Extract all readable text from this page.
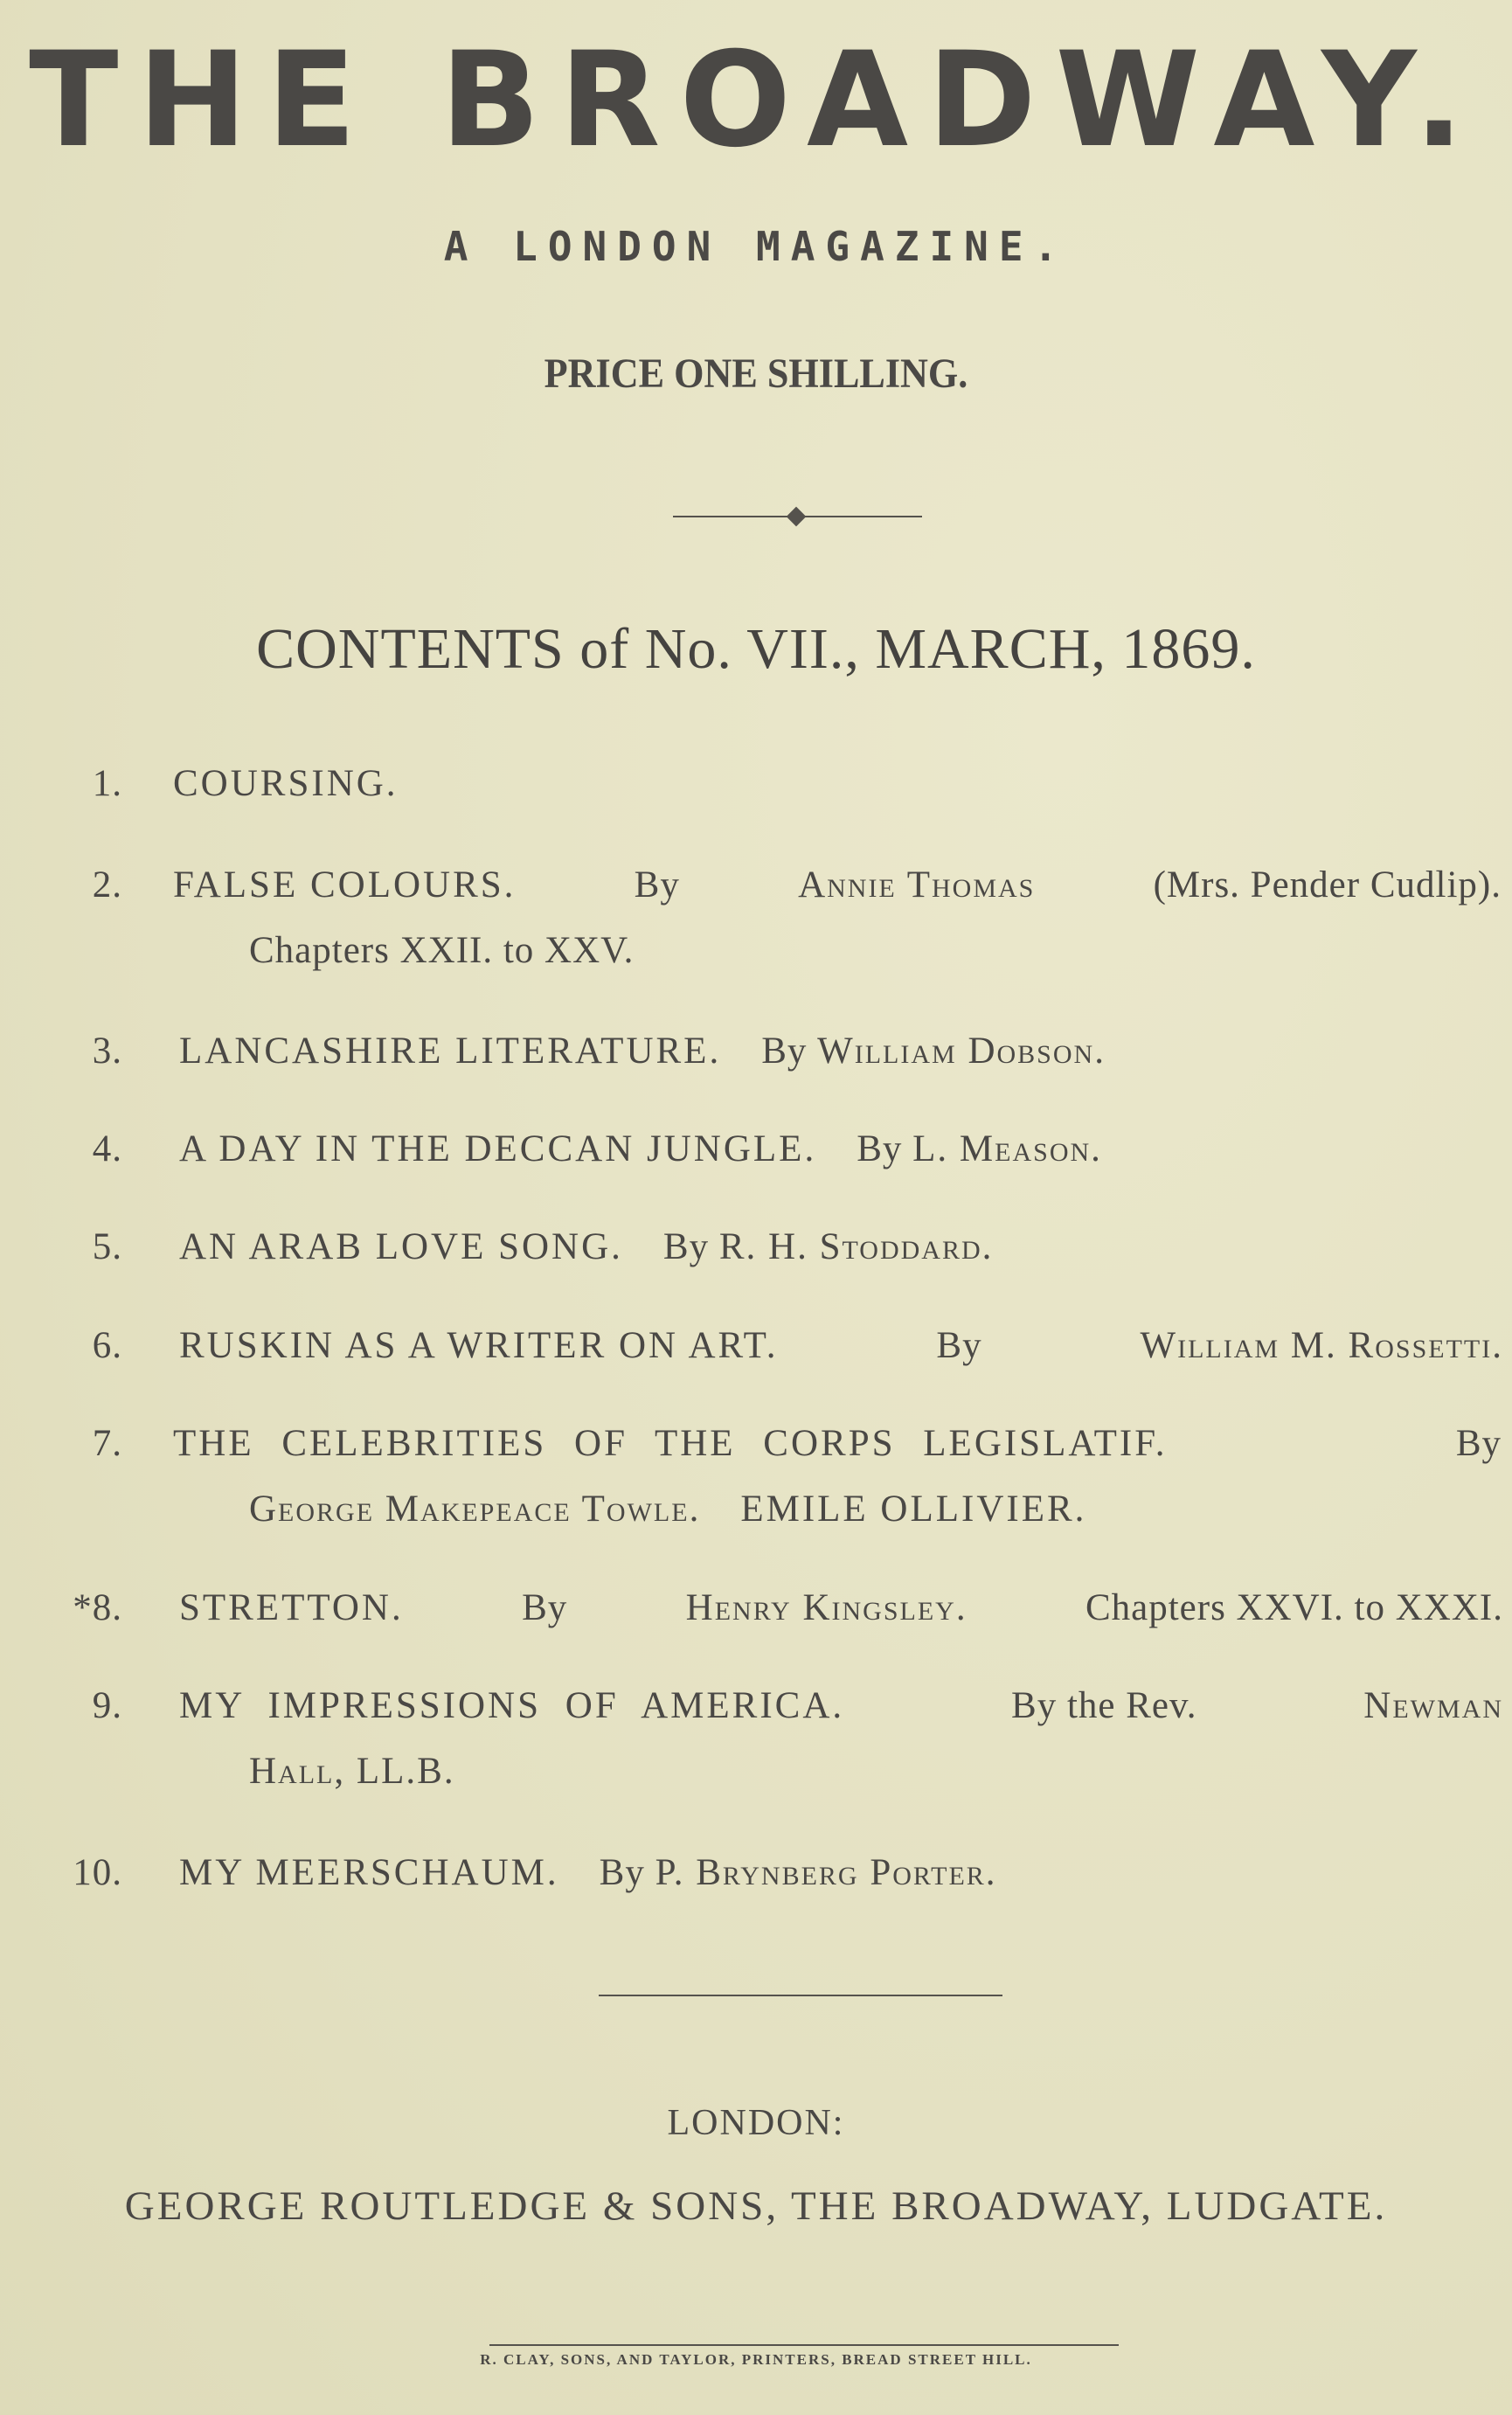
THE BROADWAY.
A LONDON MAGAZINE.
PRICE ONE SHILLING.
CONTENTS of No. VII., MARCH, 1869.
1. COURSING.
2. FALSE COLOURS.	By	Annie Thomas	(Mrs. Pender Cudlip).
Chapters XXII. to XXV.
3. LANCASHIRE LITERATURE. By William Dobson.
4. A DAY IN THE DECCAN JUNGLE. By L. Meason.
5. AN ARAB LOVE SONG. By R. H. Stoddard.
6. RUSKIN AS A WRITER ON ART.	By	William M. Rossetti.
7. THE CELEBRITIES OF THE CORPS LEGISLATIF.	By
George Makepeace Towle. EMILE OLLIVIER.
*8. STRETTON.	By	Henry Kingsley.	Chapters XXVI. to XXXI.
9. MY IMPRESSIONS OF AMERICA.	By the Rev.	Newman
Hall, LL.B.
10. MY MEERSCHAUM. By P. Brynberg Porter.
LONDON:
GEORGE ROUTLEDGE & SONS, THE BROADWAY, LUDGATE.
R. CLAY, SONS, AND TAYLOR, PRINTERS, BREAD STREET HILL.
